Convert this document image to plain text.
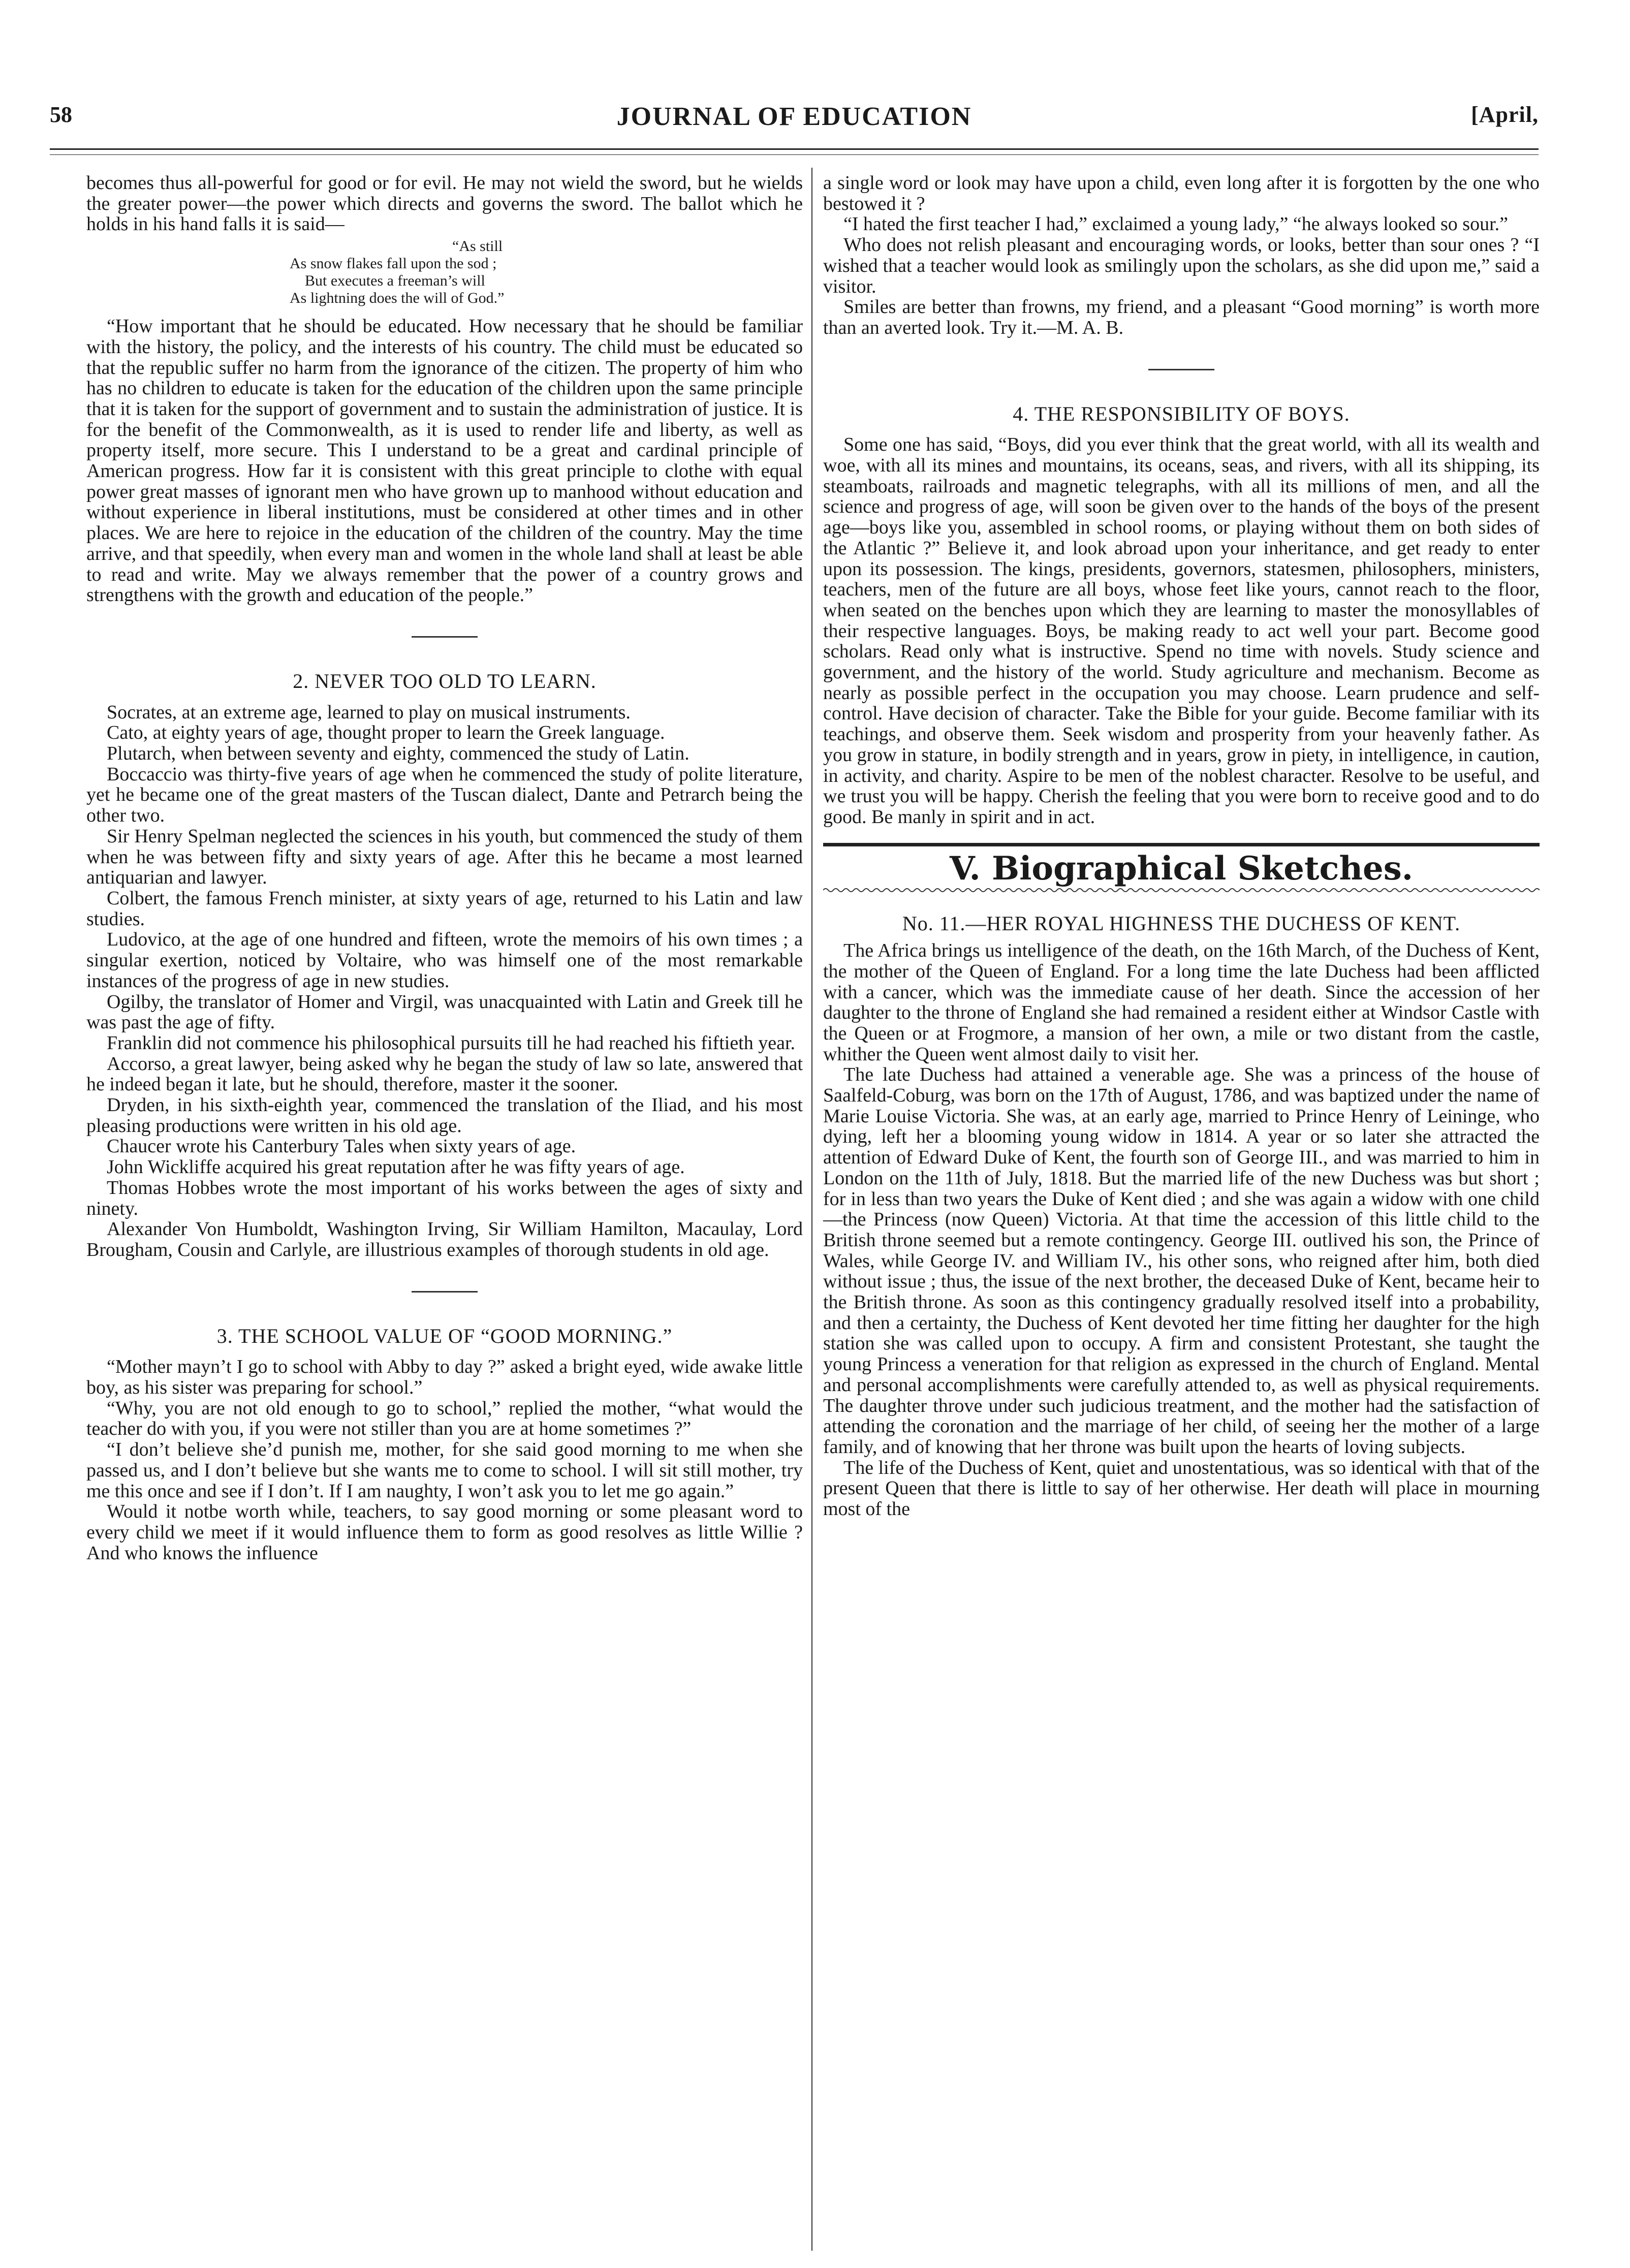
58	JOURNAL OF EDUCATION	[April,

becomes thus all-powerful for good or for evil. He may not wield the sword, but he wields the greater power—the power which directs and governs the sword. The ballot which he holds in his hand falls it is said—

“As still
As snow flakes fall upon the sod ;
But executes a freeman’s will
As lightning does the will of God.”

“How important that he should be educated. How necessary that he should be familiar with the history, the policy, and the interests of his country. The child must be educated so that the republic suffer no harm from the ignorance of the citizen. The property of him who has no children to educate is taken for the education of the children upon the same principle that it is taken for the support of government and to sustain the administration of justice. It is for the benefit of the Commonwealth, as it is used to render life and liberty, as well as property itself, more secure. This I understand to be a great and cardinal principle of American progress. How far it is consistent with this great principle to clothe with equal power great masses of ignorant men who have grown up to manhood without education and without experience in liberal institutions, must be considered at other times and in other places. We are here to rejoice in the education of the children of the country. May the time arrive, and that speedily, when every man and women in the whole land shall at least be able to read and write. May we always remember that the power of a country grows and strengthens with the growth and education of the people.”

2. NEVER TOO OLD TO LEARN.

Socrates, at an extreme age, learned to play on musical instruments.

Cato, at eighty years of age, thought proper to learn the Greek language.

Plutarch, when between seventy and eighty, commenced the study of Latin.

Boccaccio was thirty-five years of age when he commenced the study of polite literature, yet he became one of the great masters of the Tuscan dialect, Dante and Petrarch being the other two.

Sir Henry Spelman neglected the sciences in his youth, but commenced the study of them when he was between fifty and sixty years of age. After this he became a most learned antiquarian and lawyer.

Colbert, the famous French minister, at sixty years of age, returned to his Latin and law studies.

Ludovico, at the age of one hundred and fifteen, wrote the memoirs of his own times ; a singular exertion, noticed by Voltaire, who was himself one of the most remarkable instances of the progress of age in new studies.

Ogilby, the translator of Homer and Virgil, was unacquainted with Latin and Greek till he was past the age of fifty.

Franklin did not commence his philosophical pursuits till he had reached his fiftieth year.

Accorso, a great lawyer, being asked why he began the study of law so late, answered that he indeed began it late, but he should, therefore, master it the sooner.

Dryden, in his sixth-eighth year, commenced the translation of the Iliad, and his most pleasing productions were written in his old age.

Chaucer wrote his Canterbury Tales when sixty years of age.

John Wickliffe acquired his great reputation after he was fifty years of age.

Thomas Hobbes wrote the most important of his works between the ages of sixty and ninety.

Alexander Von Humboldt, Washington Irving, Sir William Hamilton, Macaulay, Lord Brougham, Cousin and Carlyle, are illustrious examples of thorough students in old age.

3. THE SCHOOL VALUE OF “GOOD MORNING.”

“Mother mayn’t I go to school with Abby to day ?” asked a bright eyed, wide awake little boy, as his sister was preparing for school.”

“Why, you are not old enough to go to school,” replied the mother, “what would the teacher do with you, if you were not stiller than you are at home sometimes ?”

“I don’t believe she’d punish me, mother, for she said good morning to me when she passed us, and I don’t believe but she wants me to come to school. I will sit still mother, try me this once and see if I don’t. If I am naughty, I won’t ask you to let me go again.”

Would it notbe worth while, teachers, to say good morning or some pleasant word to every child we meet if it would influence them to form as good resolves as little Willie ? And who knows the influence

a single word or look may have upon a child, even long after it is forgotten by the one who bestowed it ?

“I hated the first teacher I had,” exclaimed a young lady,” “he always looked so sour.”

Who does not relish pleasant and encouraging words, or looks, better than sour ones ? “I wished that a teacher would look as smilingly upon the scholars, as she did upon me,” said a visitor.

Smiles are better than frowns, my friend, and a pleasant “Good morning” is worth more than an averted look. Try it.—M. A. B.

4. THE RESPONSIBILITY OF BOYS.

Some one has said, “Boys, did you ever think that the great world, with all its wealth and woe, with all its mines and mountains, its oceans, seas, and rivers, with all its shipping, its steamboats, railroads and magnetic telegraphs, with all its millions of men, and all the science and progress of age, will soon be given over to the hands of the boys of the present age—boys like you, assembled in school rooms, or playing without them on both sides of the Atlantic ?” Believe it, and look abroad upon your inheritance, and get ready to enter upon its possession. The kings, presidents, governors, statesmen, philosophers, ministers, teachers, men of the future are all boys, whose feet like yours, cannot reach to the floor, when seated on the benches upon which they are learning to master the monosyllables of their respective languages. Boys, be making ready to act well your part. Become good scholars. Read only what is instructive. Spend no time with novels. Study science and government, and the history of the world. Study agriculture and mechanism. Become as nearly as possible perfect in the occupation you may choose. Learn prudence and self-control. Have decision of character. Take the Bible for your guide. Become familiar with its teachings, and observe them. Seek wisdom and prosperity from your heavenly father. As you grow in stature, in bodily strength and in years, grow in piety, in intelligence, in caution, in activity, and charity. Aspire to be men of the noblest character. Resolve to be useful, and we trust you will be happy. Cherish the feeling that you were born to receive good and to do good. Be manly in spirit and in act.

V. Biographical Sketches.
No. 11.—HER ROYAL HIGHNESS THE DUCHESS OF KENT.

The Africa brings us intelligence of the death, on the 16th March, of the Duchess of Kent, the mother of the Queen of England. For a long time the late Duchess had been afflicted with a cancer, which was the immediate cause of her death. Since the accession of her daughter to the throne of England she had remained a resident either at Windsor Castle with the Queen or at Frogmore, a mansion of her own, a mile or two distant from the castle, whither the Queen went almost daily to visit her.

The late Duchess had attained a venerable age. She was a princess of the house of Saalfeld-Coburg, was born on the 17th of August, 1786, and was baptized under the name of Marie Louise Victoria. She was, at an early age, married to Prince Henry of Leininge, who dying, left her a blooming young widow in 1814. A year or so later she attracted the attention of Edward Duke of Kent, the fourth son of George III., and was married to him in London on the 11th of July, 1818. But the married life of the new Duchess was but short ; for in less than two years the Duke of Kent died ; and she was again a widow with one child—the Princess (now Queen) Victoria. At that time the accession of this little child to the British throne seemed but a remote contingency. George III. outlived his son, the Prince of Wales, while George IV. and William IV., his other sons, who reigned after him, both died without issue ; thus, the issue of the next brother, the deceased Duke of Kent, became heir to the British throne. As soon as this contingency gradually resolved itself into a probability, and then a certainty, the Duchess of Kent devoted her time fitting her daughter for the high station she was called upon to occupy. A firm and consistent Protestant, she taught the young Princess a veneration for that religion as expressed in the church of England. Mental and personal accomplishments were carefully attended to, as well as physical requirements. The daughter throve under such judicious treatment, and the mother had the satisfaction of attending the coronation and the marriage of her child, of seeing her the mother of a large family, and of knowing that her throne was built upon the hearts of loving subjects.

The life of the Duchess of Kent, quiet and unostentatious, was so identical with that of the present Queen that there is little to say of her otherwise. Her death will place in mourning most of the
